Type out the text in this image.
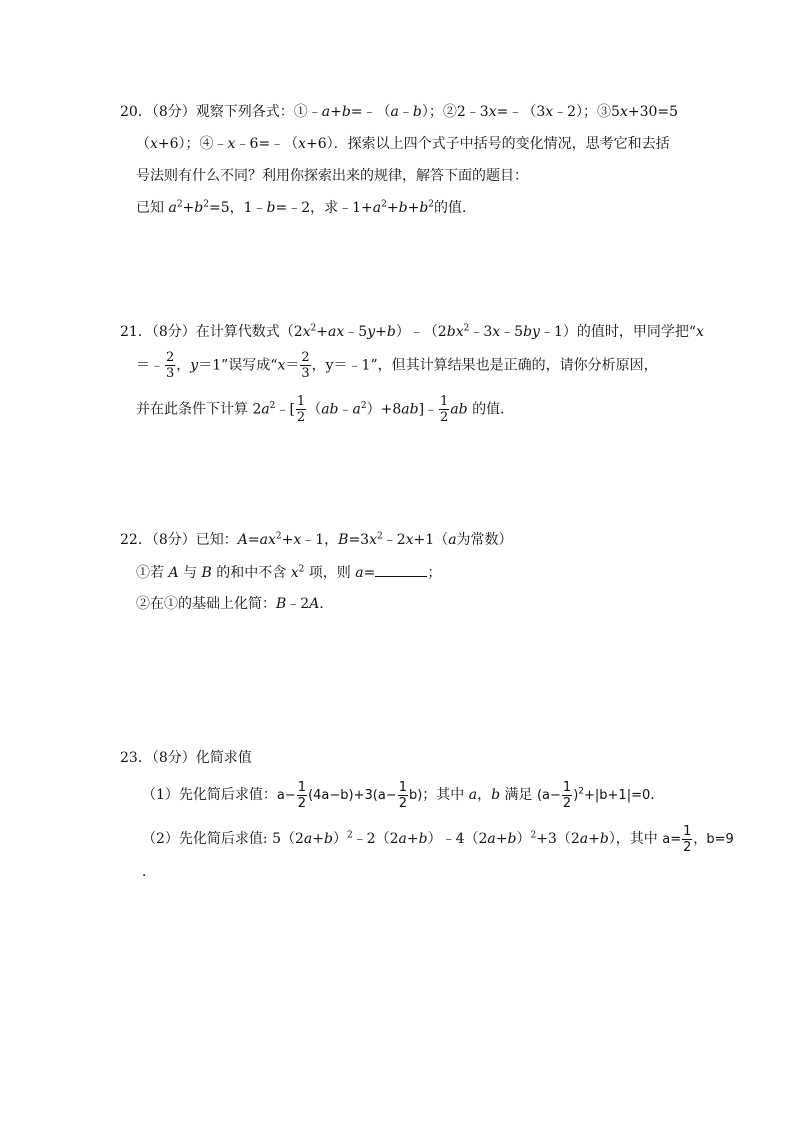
20．（8分）观察下列各式：①﹣a+b=﹣（a﹣b）；②2﹣3x=﹣（3x﹣2）；③5x+30=5
（x+6）；④﹣x﹣6=﹣（x+6）．探索以上四个式子中括号的变化情况，思考它和去括
号法则有什么不同？利用你探索出来的规律，解答下面的题目：
已知 $a^2+b^2=5$，1﹣b=﹣2，求$﹣1+a^2+b+b^2$的值．
21．（8分）在计算代数式$(2x^2+ax﹣5y+b)﹣(2bx^2﹣3x﹣5by﹣1)$的值时，甲同学把“x
＝﹣ $\frac{2}{3}$ ，y＝1”误写成“$x= \frac{2}{3}$ ，y＝﹣1”，但其计算结果也是正确的，请你分析原因，
并在此条件下计算 $2a^2﹣[ \frac{1}{2}$ $(ab﹣a^2)+8ab]﹣ \frac{1}{2}$ ab 的值．
22．（8分）已知：$A=ax^2+x﹣1$，$B=3x^2﹣2x+1(a$为常数）
①若 A 与 B 的和中不含 $x^2$ 项，则 a=	；
②在①的基础上化简：B﹣2A．
23．（8分）化简求值
（1）先化简后求值：$a- \frac{1}{2} (4a-b)+3(a- \frac{1}{2} b)$；其中 a，b 满足 $(a- \frac{1}{2} )^2+|b+1|=0$．
（2）先化简后求值: $5(2a+b)^2﹣2(2a+b)﹣4(2a+b)^2+3(2a+b)$，其中 $a= \frac{1}{2}$ ，b=9
．
